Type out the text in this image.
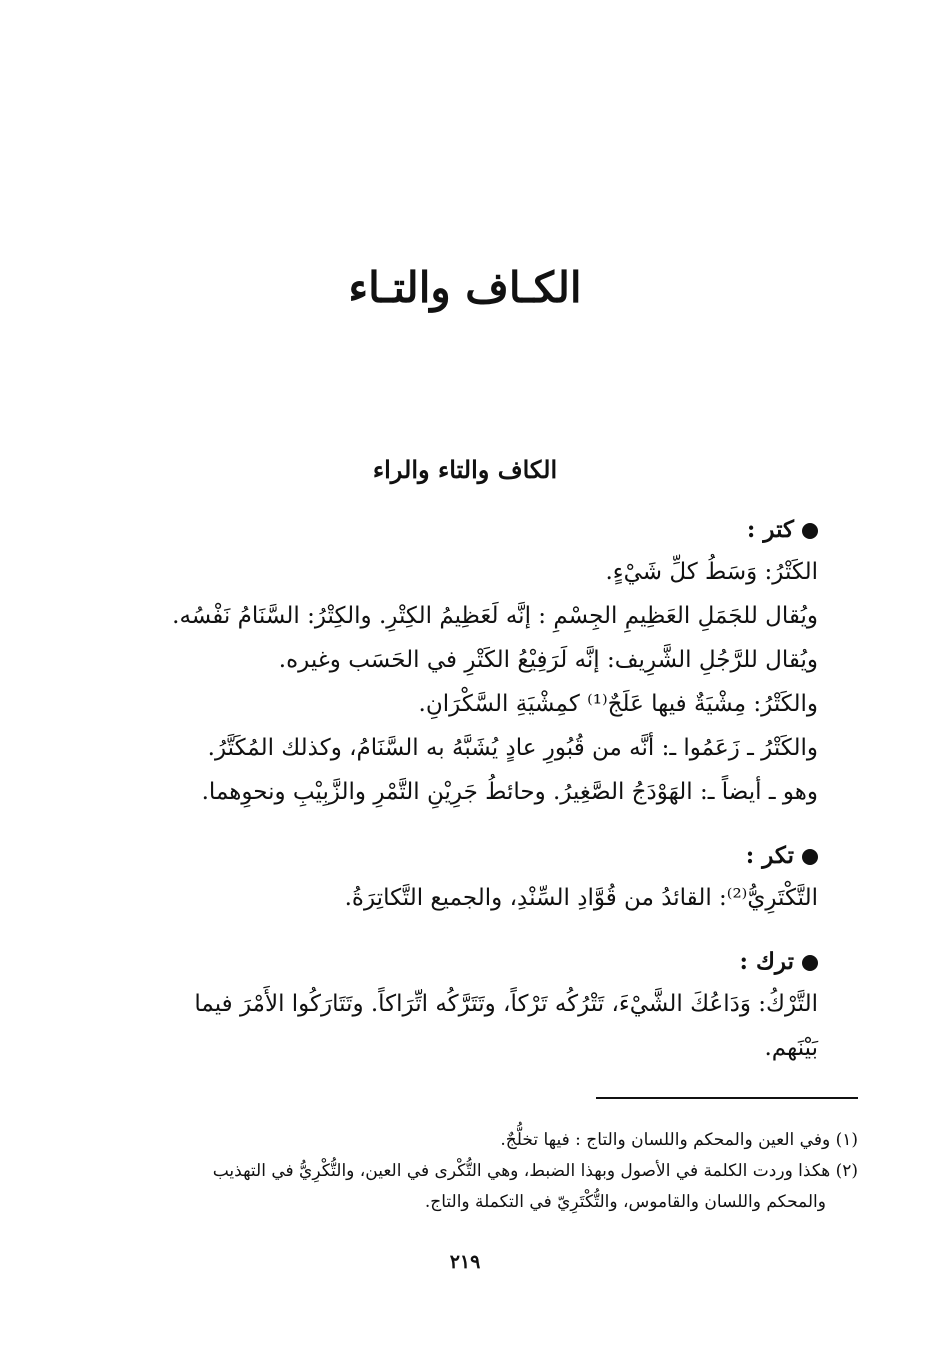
الكـاف والتـاء
الكاف والتاء والراء
كتر :
الكَتْرُ: وَسَطُ كلِّ شَيْءٍ.
ويُقال للجَمَلِ العَظِيمِ الجِسْمِ : إنَّه لَعَظِيمُ الكِتْرِ. والكِتْرُ: السَّنَامُ نَفْسُه.
ويُقال للرَّجُلِ الشَّرِيف: إنَّه لَرَفِيْعُ الكَتْرِ في الحَسَب وغيره.
والكَتْرُ: مِشْيَةٌ فيها عَلَجٌ⁽¹⁾ كمِشْيَةِ السَّكْرَانِ.
والكَتْرُ ـ زَعَمُوا ـ: أنَّه من قُبُورِ عادٍ يُشَبَّهُ به السَّنَامُ، وكذلك المُكَتَّرُ.
وهو ـ أيضاً ـ: الهَوْدَجُ الصَّغِيرُ. وحائطُ جَرِيْنِ التَّمْرِ والزَّبِيْبِ ونحوِهما.
تكر :
التَّكْتَرِيُّ⁽²⁾: القائدُ من قُوَّادِ السِّنْدِ، والجميع التَّكاتِرَةُ.
ترك :
التَّرْكُ: وَدَاعُكَ الشَّيْءَ، تَتْرُكُه تَرْكاً، وتَتَرَّكُه اتِّرَاكاً. وتَتَارَكُوا الأَمْرَ فيما
بَيْنَهم.
(١) وفي العين والمحكم واللسان والتاج : فيها تخلُّجٌ.
(٢) هكذا وردت الكلمة في الأصول وبهذا الضبط، وهي التُّكْرى في العين، والتُّكْرِيُّ في التهذيب
والمحكم واللسان والقاموس، والتُّكْتَرِيّ في التكملة والتاج.
٢١٩
